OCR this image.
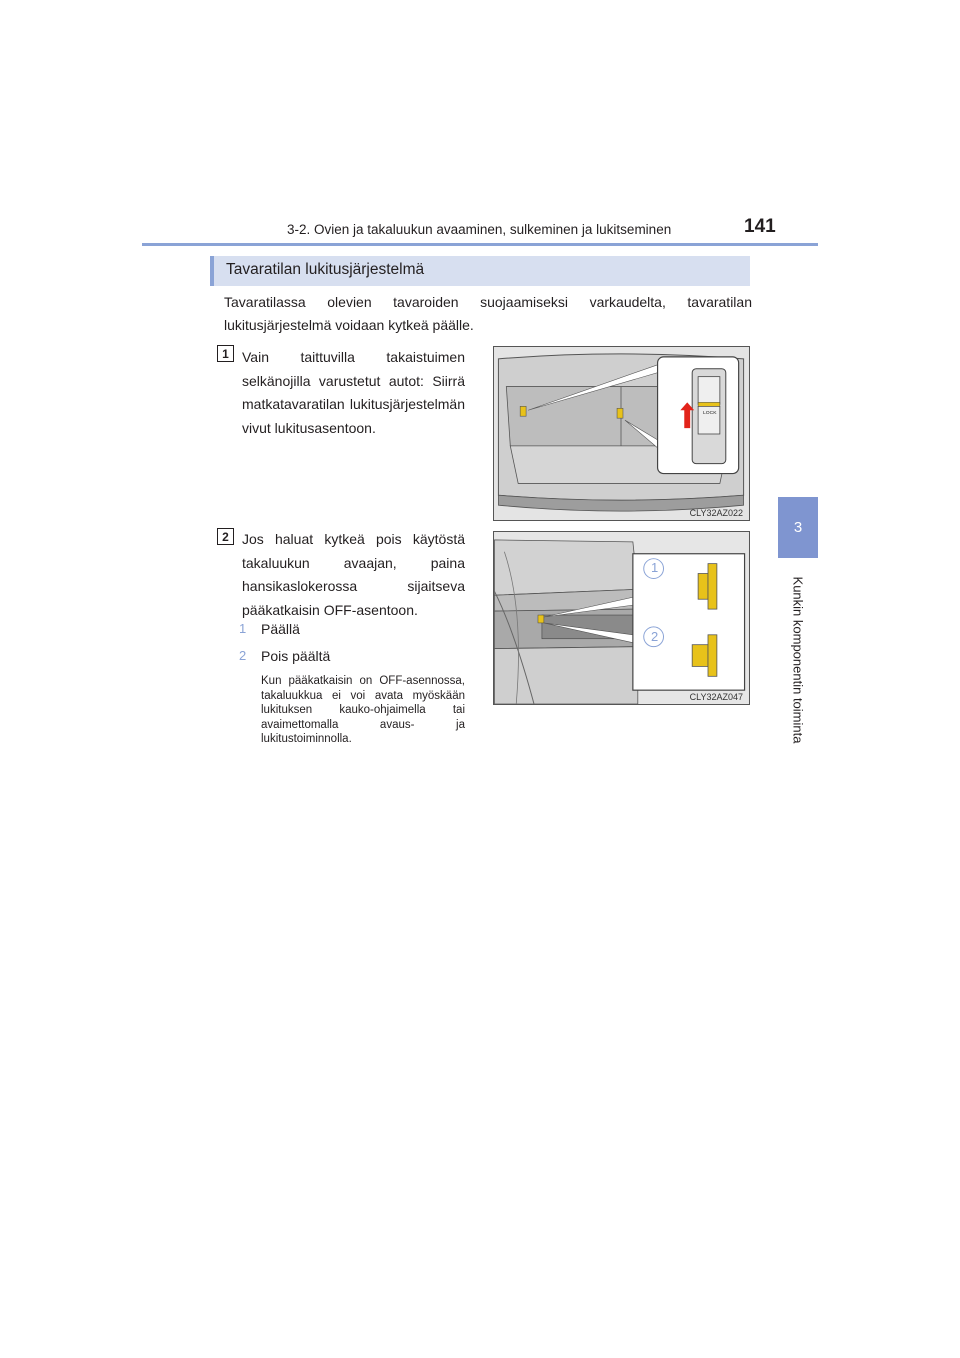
3-2. Ovien ja takaluukun avaaminen, sulkeminen ja lukitseminen	141
3
Kunkin komponentin toiminta
Tavaratilan lukitusjärjestelmä

Tavaratilassa olevien tavaroiden suojaamiseksi varkaudelta, tavaratilan lukitusjärjestelmä voidaan kytkeä päälle.

1 Vain taittuvilla takaistuimen selkänojilla varustetut autot: Siirrä matkatavaratilan lukitusjärjestelmän vivut lukitusasentoon.

LOCK
CLY32AZ022
2 Jos haluat kytkeä pois käytöstä takaluukun avaajan, paina hansikaslokerossa sijaitseva pääkatkaisin OFF-asentoon.

1
2
CLY32AZ047
1 Päällä
2 Pois päältä

Kun pääkatkaisin on OFF-asennossa, takaluukkua ei voi avata myöskään lukituksen kauko-ohjaimella tai avaimettomalla avaus- ja lukitustoiminnolla.
